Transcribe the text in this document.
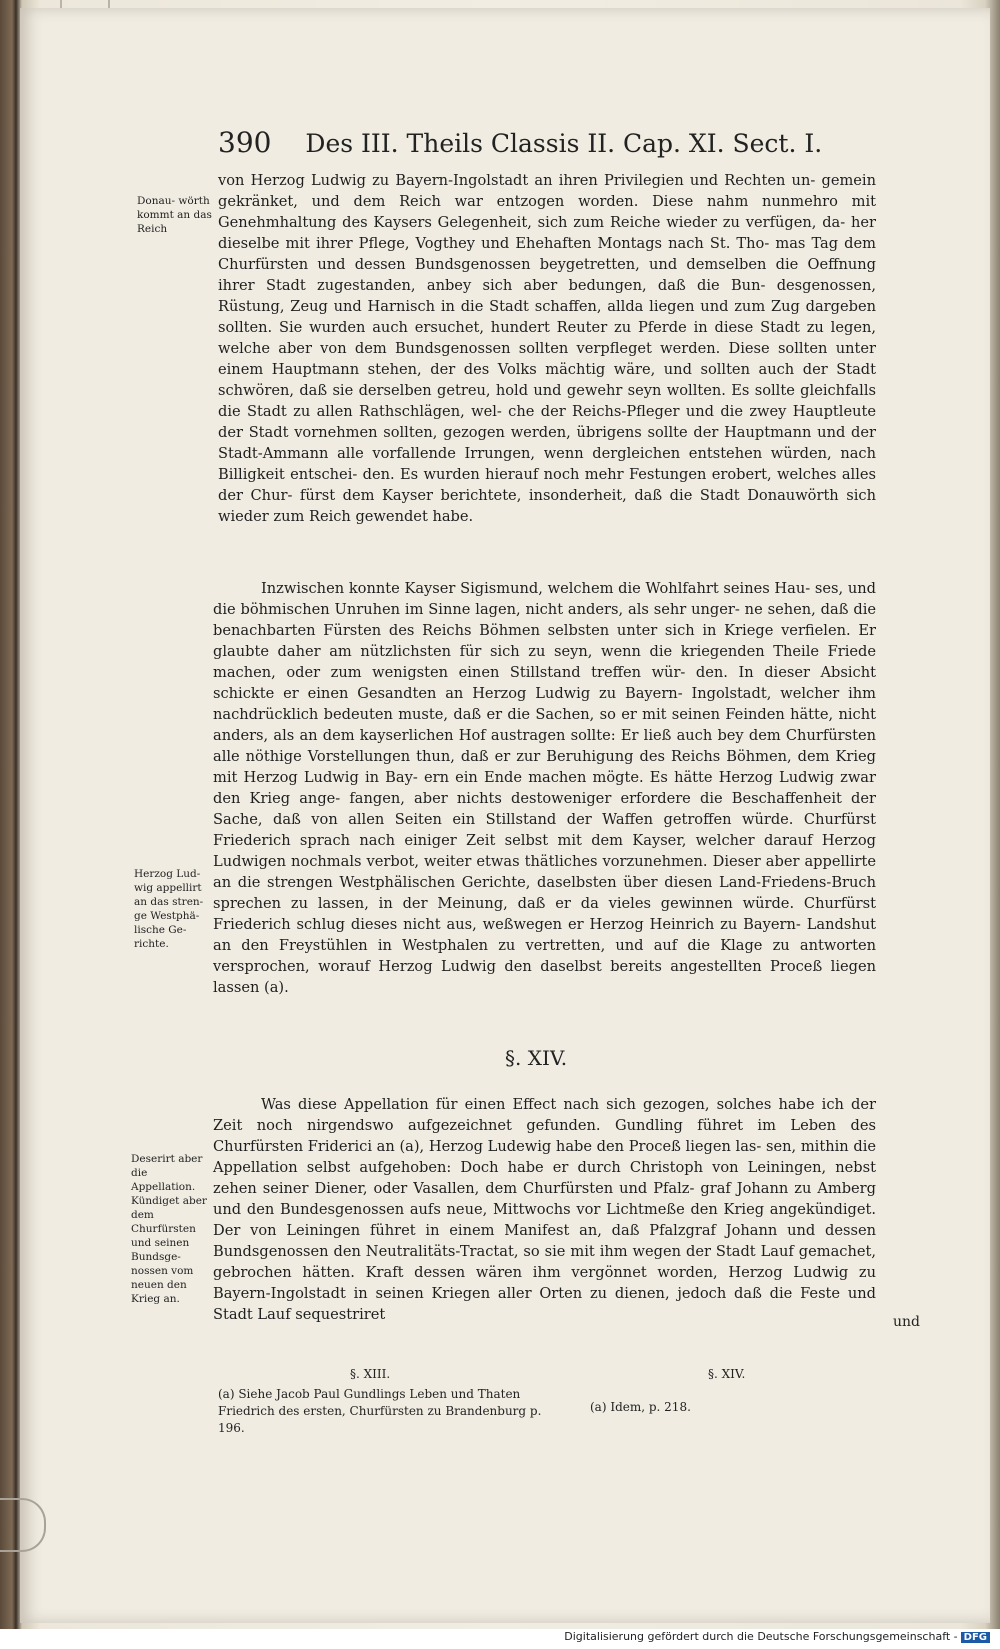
390 Des III. Theils Classis II. Cap. XI. Sect. I.
Donau- wörth kommt an das Reich

von Herzog Ludwig zu Bayern-Ingolstadt an ihren Privilegien und Rechten un- gemein gekränket, und dem Reich war entzogen worden. Diese nahm nunmehro mit Genehmhaltung des Kaysers Gelegenheit, sich zum Reiche wieder zu verfügen, da- her dieselbe mit ihrer Pflege, Vogthey und Ehehaften Montags nach St. Tho- mas Tag dem Churfürsten und dessen Bundsgenossen beygetretten, und demselben die Oeffnung ihrer Stadt zugestanden, anbey sich aber bedungen, daß die Bun- desgenossen, Rüstung, Zeug und Harnisch in die Stadt schaffen, allda liegen und zum Zug dargeben sollten. Sie wurden auch ersuchet, hundert Reuter zu Pferde in diese Stadt zu legen, welche aber von dem Bundsgenossen sollten verpfleget werden. Diese sollten unter einem Hauptmann stehen, der des Volks mächtig wäre, und sollten auch der Stadt schwören, daß sie derselben getreu, hold und gewehr seyn wollten. Es sollte gleichfalls die Stadt zu allen Rathschlägen, wel- che der Reichs-Pfleger und die zwey Hauptleute der Stadt vornehmen sollten, gezogen werden, übrigens sollte der Hauptmann und der Stadt-Ammann alle vorfallende Irrungen, wenn dergleichen entstehen würden, nach Billigkeit entschei- den. Es wurden hierauf noch mehr Festungen erobert, welches alles der Chur- fürst dem Kayser berichtete, insonderheit, daß die Stadt Donauwörth sich wieder zum Reich gewendet habe.

Inzwischen konnte Kayser Sigismund, welchem die Wohlfahrt seines Hau- ses, und die böhmischen Unruhen im Sinne lagen, nicht anders, als sehr unger- ne sehen, daß die benachbarten Fürsten des Reichs Böhmen selbsten unter sich in Kriege verfielen. Er glaubte daher am nützlichsten für sich zu seyn, wenn die kriegenden Theile Friede machen, oder zum wenigsten einen Stillstand treffen wür- den. In dieser Absicht schickte er einen Gesandten an Herzog Ludwig zu Bayern- Ingolstadt, welcher ihm nachdrücklich bedeuten muste, daß er die Sachen, so er mit seinen Feinden hätte, nicht anders, als an dem kayserlichen Hof austragen sollte: Er ließ auch bey dem Churfürsten alle nöthige Vorstellungen thun, daß er zur Beruhigung des Reichs Böhmen, dem Krieg mit Herzog Ludwig in Bay- ern ein Ende machen mögte. Es hätte Herzog Ludwig zwar den Krieg ange- fangen, aber nichts destoweniger erfordere die Beschaffenheit der Sache, daß von allen Seiten ein Stillstand der Waffen getroffen würde. Churfürst Friederich sprach nach einiger Zeit selbst mit dem Kayser, welcher darauf Herzog Ludwigen nochmals verbot, weiter etwas thätliches vorzunehmen. Dieser aber appellirte an die strengen Westphälischen Gerichte, daselbsten über diesen Land-Friedens-Bruch sprechen zu lassen, in der Meinung, daß er da vieles gewinnen würde. Churfürst Friederich schlug dieses nicht aus, weßwegen er Herzog Heinrich zu Bayern- Landshut an den Freystühlen in Westphalen zu vertretten, und auf die Klage zu antworten versprochen, worauf Herzog Ludwig den daselbst bereits angestellten Proceß liegen lassen (a).

Herzog Lud- wig appellirt an das stren- ge Westphä- lische Ge- richte.
§. XIV.

Was diese Appellation für einen Effect nach sich gezogen, solches habe ich der Zeit noch nirgendswo aufgezeichnet gefunden. Gundling führet im Leben des Churfürsten Friderici an (a), Herzog Ludewig habe den Proceß liegen las- sen, mithin die Appellation selbst aufgehoben: Doch habe er durch Christoph von Leiningen, nebst zehen seiner Diener, oder Vasallen, dem Churfürsten und Pfalz- graf Johann zu Amberg und den Bundesgenossen aufs neue, Mittwochs vor Lichtmeße den Krieg angekündiget. Der von Leiningen führet in einem Manifest an, daß Pfalzgraf Johann und dessen Bundsgenossen den Neutralitäts-Tractat, so sie mit ihm wegen der Stadt Lauf gemachet, gebrochen hätten. Kraft dessen wären ihm vergönnet worden, Herzog Ludwig zu Bayern-Ingolstadt in seinen Kriegen aller Orten zu dienen, jedoch daß die Feste und Stadt Lauf sequestriret

Deserirt aber die Appellation. Kündiget aber dem Churfürsten und seinen Bundsge- nossen vom neuen den Krieg an.
und
§. XIII.	§. XIV.
(a) Siehe Jacob Paul Gundlings Leben und Thaten Friedrich des ersten, Churfürsten zu Brandenburg p. 196.
(a) Idem, p. 218.
Digitalisierung gefördert durch die Deutsche Forschungsgemeinschaft - DFG
